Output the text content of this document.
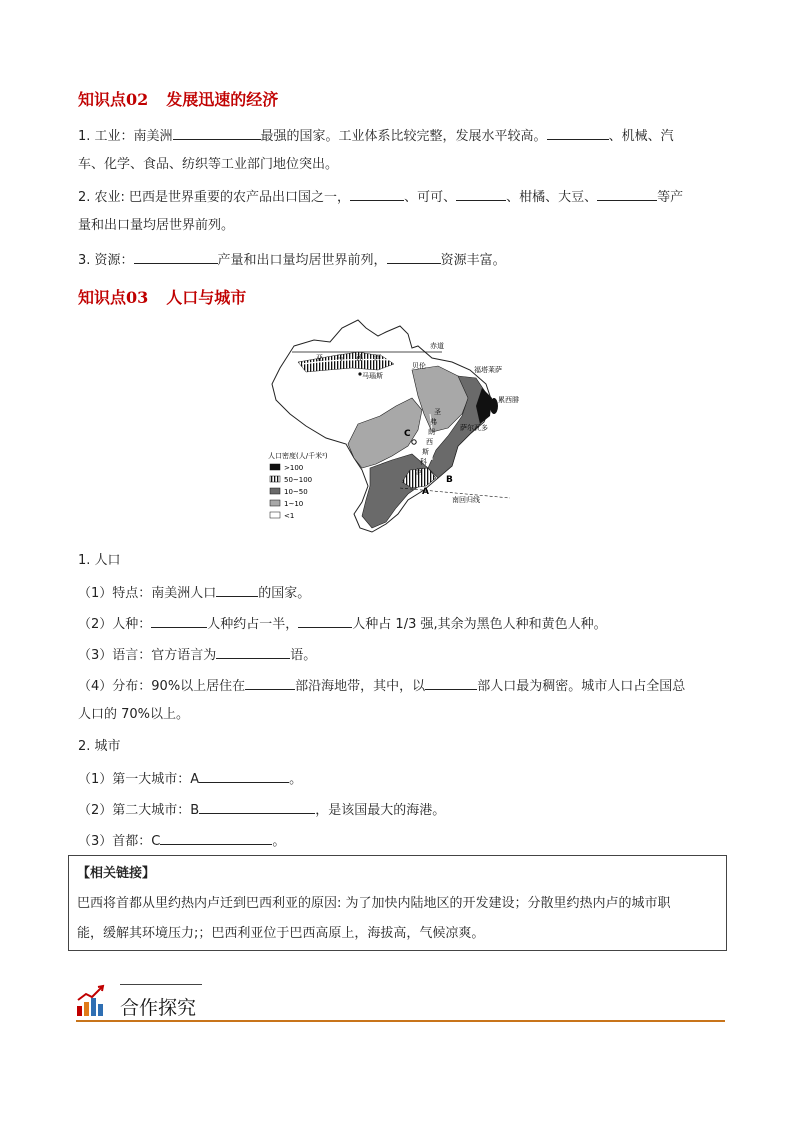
知识点02 发展迅速的经济
1. 工业：南美洲	最强的国家。工业体系比较完整，发展水平较高。	、机械、汽
车、化学、食品、纺织等工业部门地位突出。
2. 农业: 巴西是世界重要的农产品出口国之一，	、可可、	、柑橘、大豆、	等产
量和出口量均居世界前列。
3. 资源：	产量和出口量均居世界前列，	资源丰富。
知识点03 人口与城市
赤道
南回归线
亚 马 孙 河
马瑙斯
贝伦	福塔莱萨
累西腓
萨尔瓦多
圣
弗
朗
西
斯
科
河
C
A
B
人口密度(人/千米²)
>100
50~100
10~50
1~10
<1
1. 人口
（1）特点：南美洲人口	的国家。
（2）人种：	人种约占一半，	人种占 1/3 强,其余为黑色人种和黄色人种。
（3）语言：官方语言为	语。
（4）分布：90%以上居住在	部沿海地带，其中，以	部人口最为稠密。城市人口占全国总
人口的 70%以上。
2. 城市
（1）第一大城市：A	。
（2）第二大城市：B	，是该国最大的海港。
（3）首都：C	。
【相关链接】
巴西将首都从里约热内卢迁到巴西利亚的原因: 为了加快内陆地区的开发建设；分散里约热内卢的城市职
能，缓解其环境压力;；巴西利亚位于巴西高原上，海拔高，气候凉爽。
合作探究
